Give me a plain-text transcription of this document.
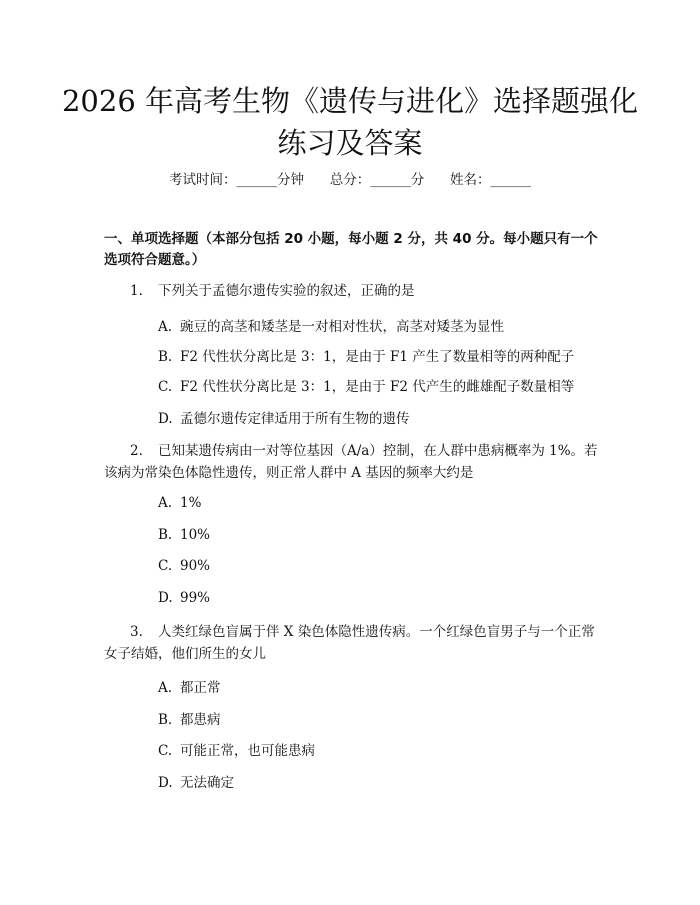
2026 年高考生物《遗传与进化》选择题强化
练习及答案
考试时间：______分钟      总分：______分      姓名：______
一、单项选择题（本部分包括 20 小题，每小题 2 分，共 40 分。每小题只有一个
选项符合题意。）
1. 下列关于孟德尔遗传实验的叙述，正确的是
A. 豌豆的高茎和矮茎是一对相对性状，高茎对矮茎为显性
B. F2 代性状分离比是 3：1，是由于 F1 产生了数量相等的两种配子
C. F2 代性状分离比是 3：1，是由于 F2 代产生的雌雄配子数量相等
D. 孟德尔遗传定律适用于所有生物的遗传
2. 已知某遗传病由一对等位基因（A/a）控制，在人群中患病概率为 1%。若
该病为常染色体隐性遗传，则正常人群中 A 基因的频率大约是
A. 1%
B. 10%
C. 90%
D. 99%
3. 人类红绿色盲属于伴 X 染色体隐性遗传病。一个红绿色盲男子与一个正常
女子结婚，他们所生的女儿
A. 都正常
B. 都患病
C. 可能正常，也可能患病
D. 无法确定
